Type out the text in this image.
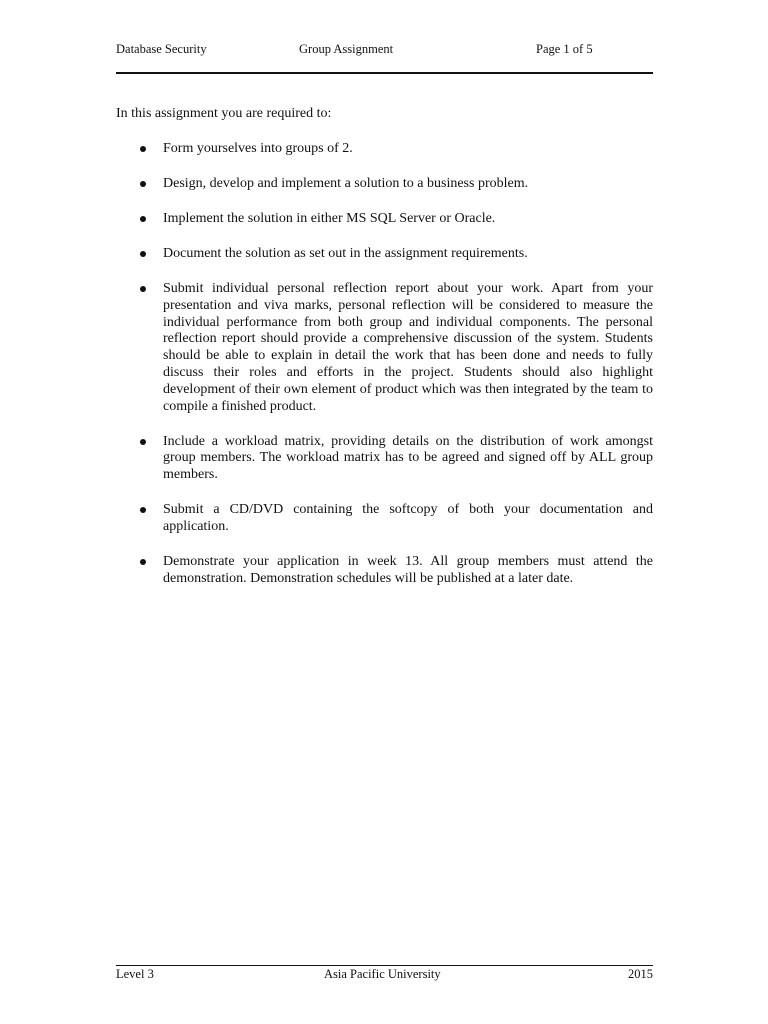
Database Security	Group Assignment	Page 1 of 5
In this assignment you are required to:
Form yourselves into groups of 2.
Design, develop and implement a solution to a business problem.
Implement the solution in either MS SQL Server or Oracle.
Document the solution as set out in the assignment requirements.
Submit individual personal reflection report about your work. Apart from your presentation and viva marks, personal reflection will be considered to measure the individual performance from both group and individual components. The personal reflection report should provide a comprehensive discussion of the system. Students should be able to explain in detail the work that has been done and needs to fully discuss their roles and efforts in the project. Students should also highlight development of their own element of product which was then integrated by the team to compile a finished product.
Include a workload matrix, providing details on the distribution of work amongst group members. The workload matrix has to be agreed and signed off by ALL group members.
Submit a CD/DVD containing the softcopy of both your documentation and application.
Demonstrate your application in week 13. All group members must attend the demonstration. Demonstration schedules will be published at a later date.
Level 3	Asia Pacific University	2015
